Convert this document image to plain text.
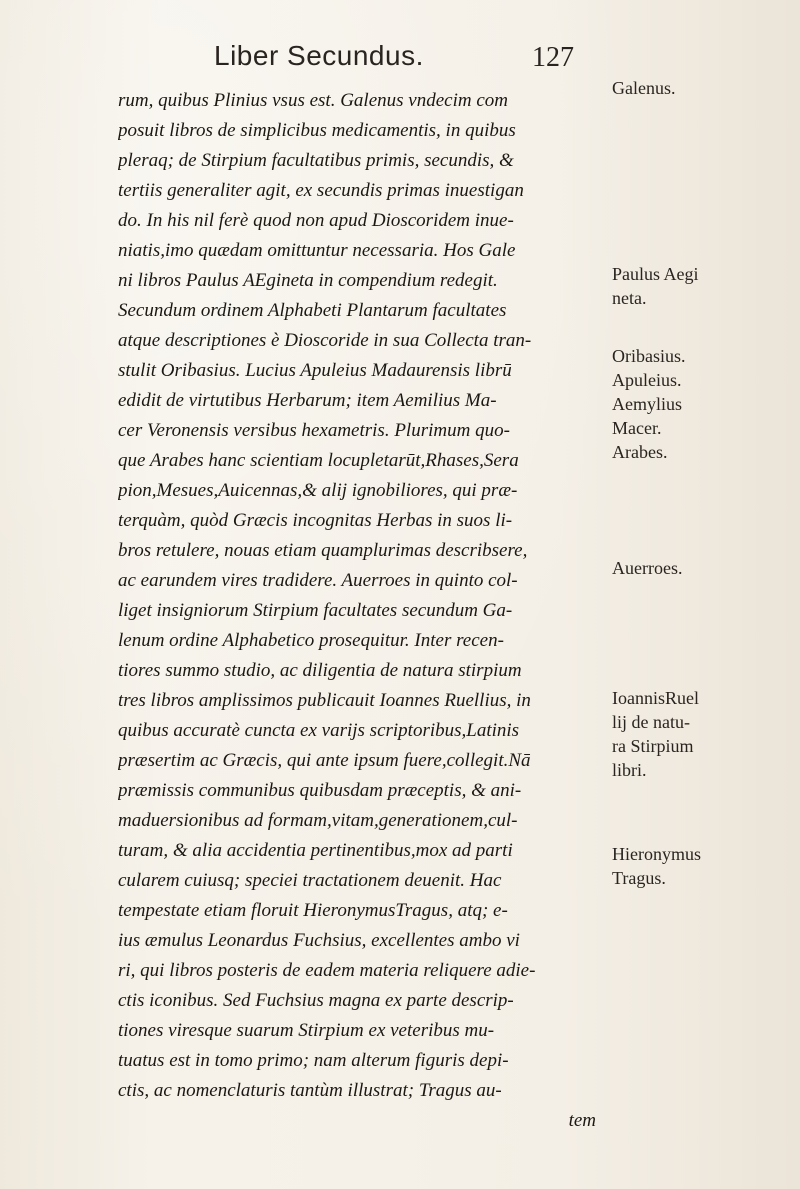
Liber Secundus.	127
rum, quibus Plinius vsus est. Galenus vndecim com
posuit libros de simplicibus medicamentis, in quibus
pleraq; de Stirpium facultatibus primis, secundis, &
tertiis generaliter agit, ex secundis primas inuestigan
do. In his nil ferè quod non apud Dioscoridem inue-
niatis,imo quædam omittuntur necessaria. Hos Gale
ni libros Paulus AEgineta in compendium redegit.
Secundum ordinem Alphabeti Plantarum facultates
atque descriptiones è Dioscoride in sua Collecta tran-
stulit Oribasius. Lucius Apuleius Madaurensis librū
edidit de virtutibus Herbarum; item Aemilius Ma-
cer Veronensis versibus hexametris. Plurimum quo-
que Arabes hanc scientiam locupletarūt,Rhases,Sera
pion,Mesues,Auicennas,& alij ignobiliores, qui præ-
terquàm, quòd Græcis incognitas Herbas in suos li-
bros retulere, nouas etiam quamplurimas describsere,
ac earundem vires tradidere. Auerroes in quinto col-
liget insigniorum Stirpium facultates secundum Ga-
lenum ordine Alphabetico prosequitur. Inter recen-
tiores summo studio, ac diligentia de natura stirpium
tres libros amplissimos publicauit Ioannes Ruellius, in
quibus accuratè cuncta ex varijs scriptoribus,Latinis
præsertim ac Græcis, qui ante ipsum fuere,collegit.Nā
præmissis communibus quibusdam præceptis, & ani-
maduersionibus ad formam,vitam,generationem,cul-
turam, & alia accidentia pertinentibus,mox ad parti
cularem cuiusq; speciei tractationem deuenit. Hac
tempestate etiam floruit HieronymusTragus, atq; e-
ius æmulus Leonardus Fuchsius, excellentes ambo vi
ri, qui libros posteris de eadem materia reliquere adie-
ctis iconibus. Sed Fuchsius magna ex parte descrip-
tiones viresque suarum Stirpium ex veteribus mu-
tuatus est in tomo primo; nam alterum figuris depi-
ctis, ac nomenclaturis tantùm illustrat; Tragus au-
tem
Galenus.
Paulus Aegi
neta.
Oribasius.
Apuleius.
Aemylius
Macer.
Arabes.
Auerroes.
IoannisRuel
lij de natu-
ra Stirpium
libri.
Hieronymus
Tragus.
